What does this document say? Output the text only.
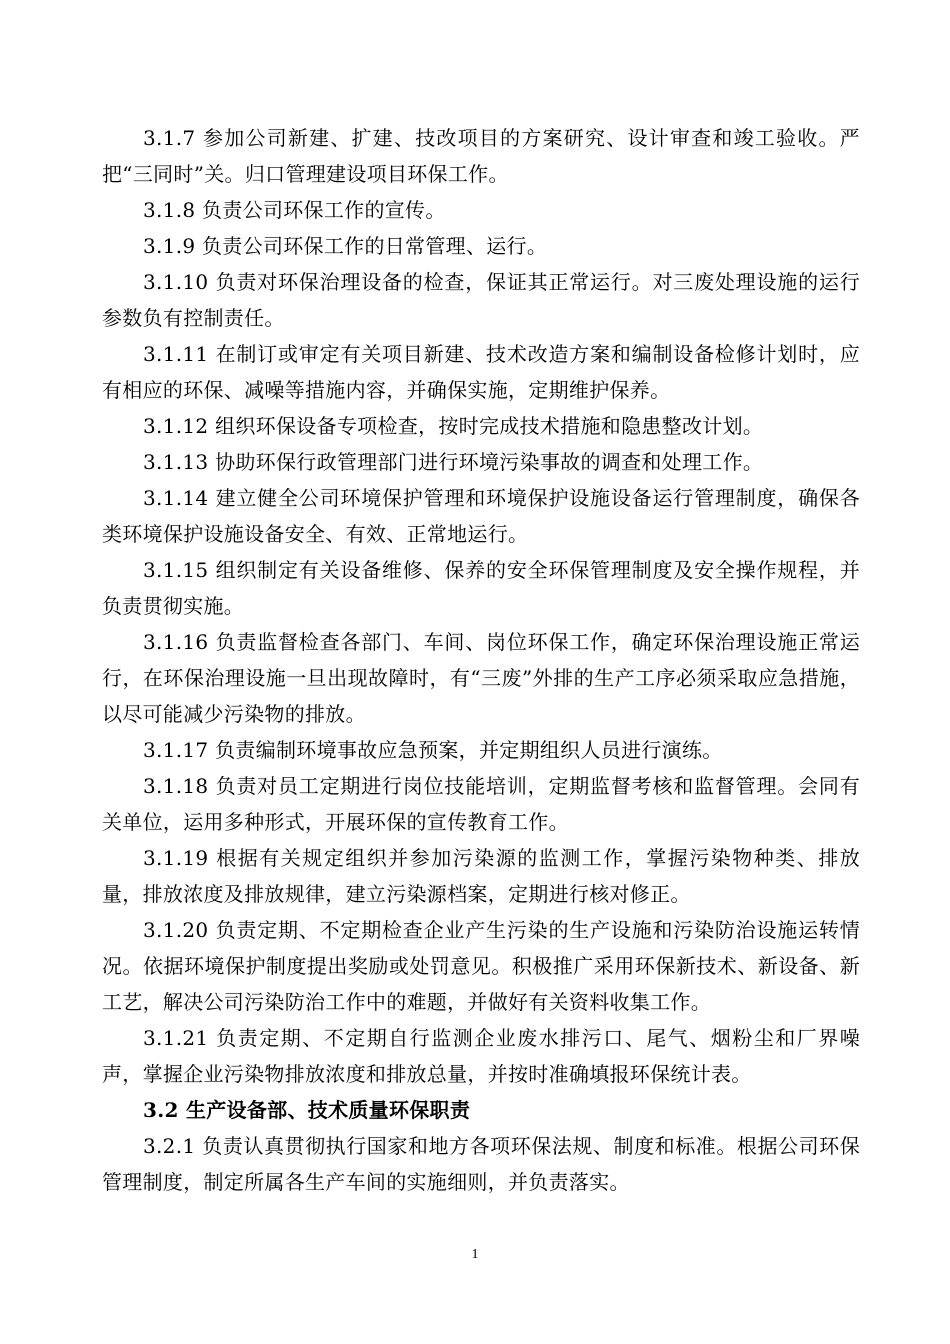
3.1.7 参加公司新建、扩建、技改项目的方案研究、设计审查和竣工验收。严把“三同时”关。归口管理建设项目环保工作。

3.1.8 负责公司环保工作的宣传。

3.1.9 负责公司环保工作的日常管理、运行。

3.1.10 负责对环保治理设备的检查，保证其正常运行。对三废处理设施的运行参数负有控制责任。

3.1.11 在制订或审定有关项目新建、技术改造方案和编制设备检修计划时，应有相应的环保、减噪等措施内容，并确保实施，定期维护保养。

3.1.12 组织环保设备专项检查，按时完成技术措施和隐患整改计划。

3.1.13 协助环保行政管理部门进行环境污染事故的调查和处理工作。

3.1.14 建立健全公司环境保护管理和环境保护设施设备运行管理制度，确保各类环境保护设施设备安全、有效、正常地运行。

3.1.15 组织制定有关设备维修、保养的安全环保管理制度及安全操作规程，并负责贯彻实施。

3.1.16 负责监督检查各部门、车间、岗位环保工作，确定环保治理设施正常运行，在环保治理设施一旦出现故障时，有“三废”外排的生产工序必须采取应急措施，以尽可能减少污染物的排放。

3.1.17 负责编制环境事故应急预案，并定期组织人员进行演练。

3.1.18 负责对员工定期进行岗位技能培训，定期监督考核和监督管理。会同有关单位，运用多种形式，开展环保的宣传教育工作。

3.1.19 根据有关规定组织并参加污染源的监测工作，掌握污染物种类、排放量，排放浓度及排放规律，建立污染源档案，定期进行核对修正。

3.1.20 负责定期、不定期检查企业产生污染的生产设施和污染防治设施运转情况。依据环境保护制度提出奖励或处罚意见。积极推广采用环保新技术、新设备、新工艺，解决公司污染防治工作中的难题，并做好有关资料收集工作。

3.1.21 负责定期、不定期自行监测企业废水排污口、尾气、烟粉尘和厂界噪声，掌握企业污染物排放浓度和排放总量，并按时准确填报环保统计表。

3.2 生产设备部、技术质量环保职责

3.2.1 负责认真贯彻执行国家和地方各项环保法规、制度和标准。根据公司环保管理制度，制定所属各生产车间的实施细则，并负责落实。

1
